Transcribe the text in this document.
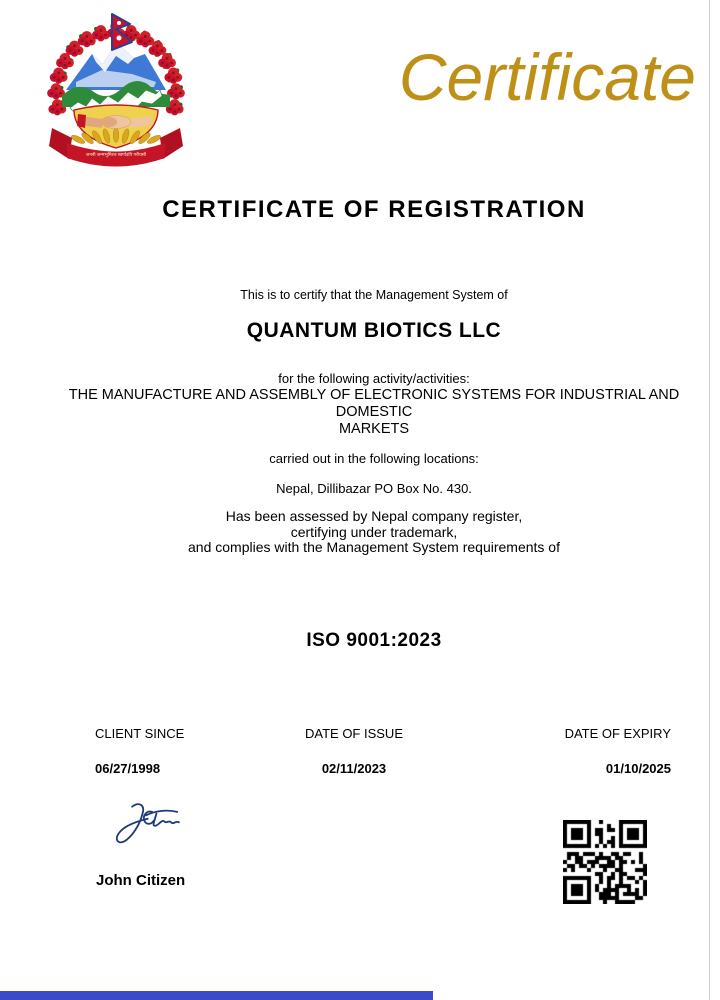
जननी जन्मभूमिश्च स्वर्गादपि गरीयसी
Certificate
CERTIFICATE OF REGISTRATION
This is to certify that the Management System of
QUANTUM BIOTICS LLC
for the following activity/activities:
THE MANUFACTURE AND ASSEMBLY OF ELECTRONIC SYSTEMS FOR INDUSTRIAL AND
DOMESTIC
MARKETS
carried out in the following locations:
Nepal, Dillibazar PO Box No. 430.
Has been assessed by Nepal company register,
certifying under trademark,
and complies with the Management System requirements of
ISO 9001:2023
CLIENT SINCE
06/27/1998
DATE OF ISSUE
02/11/2023
DATE OF EXPIRY
01/10/2025
John Citizen
